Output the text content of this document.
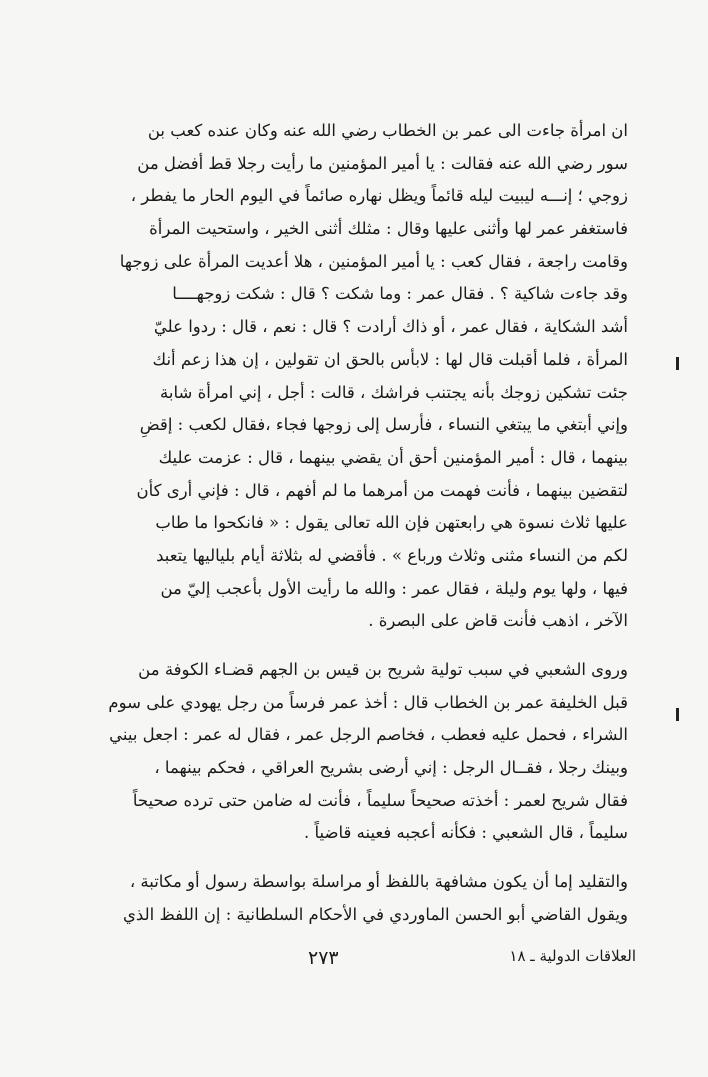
ان امرأة جاءت الى عمر بن الخطاب رضي الله عنه وكان عنده كعب بن
سور رضي الله عنه فقالت : يا أمير المؤمنين ما رأيت رجلا قط أفضل من
زوجي ؛ إنـــه ليبيت ليله قائماً ويظل نهاره صائماً في اليوم الحار ما يفطر ،
فاستغفر عمر لها وأثنى عليها وقال : مثلك أثنى الخير ، واستحيت المرأة
وقامت راجعة ، فقال كعب : يا أمير المؤمنين ، هلا أعديت المرأة على زوجها
وقد جاءت شاكية ؟ . فقال عمر : وما شكت ؟ قال : شكت زوجهــــا
أشد الشكاية ، فقال عمر ، أو ذاك أرادت ؟ قال : نعم ، قال : ردوا عليّ
المرأة ، فلما أقبلت قال لها : لابأس بالحق ان تقولين ، إن هذا زعم أنك
جئت تشكين زوجك بأنه يجتنب فراشك ، قالت : أجل ، إني امرأة شابة
وإني أبتغي ما يبتغي النساء ، فأرسل إلى زوجها فجاء ،فقال لكعب : إقضِ
بينهما ، قال : أمير المؤمنين أحق أن يقضي بينهما ، قال : عزمت عليك
لتقضين بينهما ، فأنت فهمت من أمرهما ما لم أفهم ، قال : فإني أرى كأن
عليها ثلاث نسوة هي رابعتهن فإن الله تعالى يقول : « فانكحوا ما طاب
لكم من النساء مثنى وثلاث ورباع » . فأقضي له بثلاثة أيام بلياليها يتعبد
فيها ، ولها يوم وليلة ، فقال عمر : والله ما رأيت الأول بأعجب إليّ من
الآخر ، اذهب فأنت قاض على البصرة .
وروى الشعبي في سبب تولية شريح بن قيس بن الجهم قضـاء الكوفة من
قبل الخليفة عمر بن الخطاب قال : أخذ عمر فرساً من رجل يهودي على سوم
الشراء ، فحمل عليه فعطب ، فخاصم الرجل عمر ، فقال له عمر : اجعل بيني
وبينك رجلا ، فقــال الرجل : إني أرضى بشريح العراقي ، فحكم بينهما ،
فقال شريح لعمر : أخذته صحيحاً سليماً ، فأنت له ضامن حتى ترده صحيحاً
سليماً ، قال الشعبي : فكأنه أعجبه فعينه قاضياً .
والتقليد إما أن يكون مشافهة باللفظ أو مراسلة بواسطة رسول أو مكاتبة ،
ويقول القاضي أبو الحسن الماوردي في الأحكام السلطانية : إن اللفظ الذي
العلاقات الدولية ـ ١٨
٢٧٣
